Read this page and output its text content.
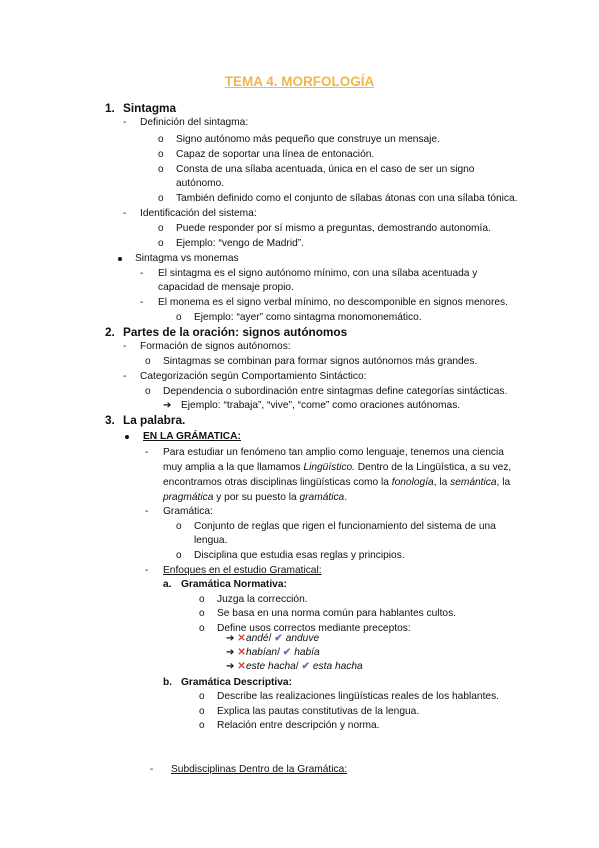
TEMA 4. MORFOLOGÍA
1. Sintagma
- Definición del sintagma:
o Signo autónomo más pequeño que construye un mensaje.
o Capaz de soportar una línea de entonación.
o Consta de una sílaba acentuada, única en el caso de ser un signo
autónomo.
o También definido como el conjunto de sílabas átonas con una sílaba tónica.
- Identificación del sistema:
o Puede responder por sí mismo a preguntas, demostrando autonomía.
o Ejemplo: “vengo de Madrid”.
Sintagma vs monemas
- El sintagma es el signo autónomo mínimo, con una sílaba acentuada y
capacidad de mensaje propio.
- El monema es el signo verbal mínimo, no descomponible en signos menores.
o Ejemplo: “ayer” como sintagma monomonemático.
2. Partes de la oración: signos autónomos
- Formación de signos autónomos:
o Sintagmas se combinan para formar signos autónomos más grandes.
- Categorización según Comportamiento Sintáctico:
o Dependencia o subordinación entre sintagmas define categorías sintácticas.
➔ Ejemplo: “trabaja”, “vive”, “come” como oraciones autónomas.
3. La palabra.
EN LA GRÁMATICA:
- Para estudiar un fenómeno tan amplio como lenguaje, tenemos una ciencia
muy amplia a la que llamamos Lingüístico. Dentro de la Lingüística, a su vez,
encontramos otras disciplinas lingüísticas como la fonología, la semántica, la
pragmática y por su puesto la gramática.
- Gramática:
o Conjunto de reglas que rigen el funcionamiento del sistema de una
lengua.
o Disciplina que estudia esas reglas y principios.
- Enfoques en el estudio Gramatical:
a. Gramática Normativa:
o Juzga la corrección.
o Se basa en una norma común para hablantes cultos.
o Define usos correctos mediante preceptos:
➔ ✕andé/ ✔ anduve
➔ ✕habían/ ✔ había
➔ ✕este hacha/ ✔ esta hacha
b. Gramática Descriptiva:
o Describe las realizaciones lingüísticas reales de los hablantes.
o Explica las pautas constitutivas de la lengua.
o Relación entre descripción y norma.
- Subdisciplinas Dentro de la Gramática:
